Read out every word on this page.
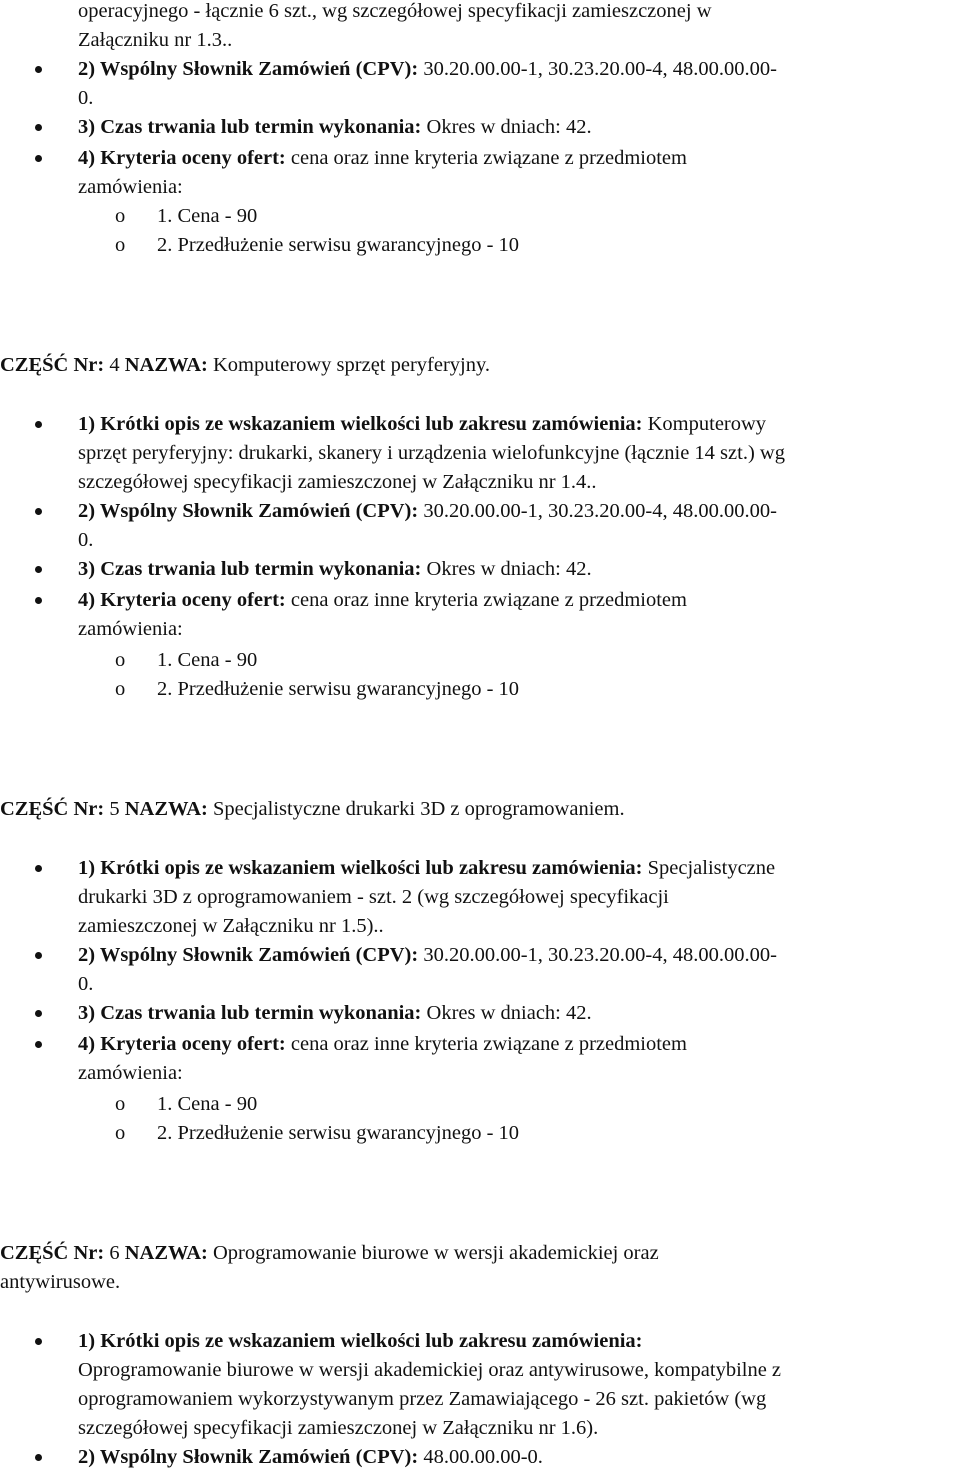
operacyjnego - łącznie 6 szt., wg szczegółowej specyfikacji zamieszczonej w
Załączniku nr 1.3..
2) Wspólny Słownik Zamówień (CPV): 30.20.00.00-1, 30.23.20.00-4, 48.00.00.00-
0.
3) Czas trwania lub termin wykonania: Okres w dniach: 42.
4) Kryteria oceny ofert: cena oraz inne kryteria związane z przedmiotem
zamówienia:
o 1. Cena - 90
o 2. Przedłużenie serwisu gwarancyjnego - 10
CZĘŚĆ Nr: 4 NAZWA: Komputerowy sprzęt peryferyjny.
1) Krótki opis ze wskazaniem wielkości lub zakresu zamówienia: Komputerowy
sprzęt peryferyjny: drukarki, skanery i urządzenia wielofunkcyjne (łącznie 14 szt.) wg
szczegółowej specyfikacji zamieszczonej w Załączniku nr 1.4..
2) Wspólny Słownik Zamówień (CPV): 30.20.00.00-1, 30.23.20.00-4, 48.00.00.00-
0.
3) Czas trwania lub termin wykonania: Okres w dniach: 42.
4) Kryteria oceny ofert: cena oraz inne kryteria związane z przedmiotem
zamówienia:
o 1. Cena - 90
o 2. Przedłużenie serwisu gwarancyjnego - 10
CZĘŚĆ Nr: 5 NAZWA: Specjalistyczne drukarki 3D z oprogramowaniem.
1) Krótki opis ze wskazaniem wielkości lub zakresu zamówienia: Specjalistyczne
drukarki 3D z oprogramowaniem - szt. 2 (wg szczegółowej specyfikacji
zamieszczonej w Załączniku nr 1.5)..
2) Wspólny Słownik Zamówień (CPV): 30.20.00.00-1, 30.23.20.00-4, 48.00.00.00-
0.
3) Czas trwania lub termin wykonania: Okres w dniach: 42.
4) Kryteria oceny ofert: cena oraz inne kryteria związane z przedmiotem
zamówienia:
o 1. Cena - 90
o 2. Przedłużenie serwisu gwarancyjnego - 10
CZĘŚĆ Nr: 6 NAZWA: Oprogramowanie biurowe w wersji akademickiej oraz
antywirusowe.
1) Krótki opis ze wskazaniem wielkości lub zakresu zamówienia:
Oprogramowanie biurowe w wersji akademickiej oraz antywirusowe, kompatybilne z
oprogramowaniem wykorzystywanym przez Zamawiającego - 26 szt. pakietów (wg
szczegółowej specyfikacji zamieszczonej w Załączniku nr 1.6).
2) Wspólny Słownik Zamówień (CPV): 48.00.00.00-0.
